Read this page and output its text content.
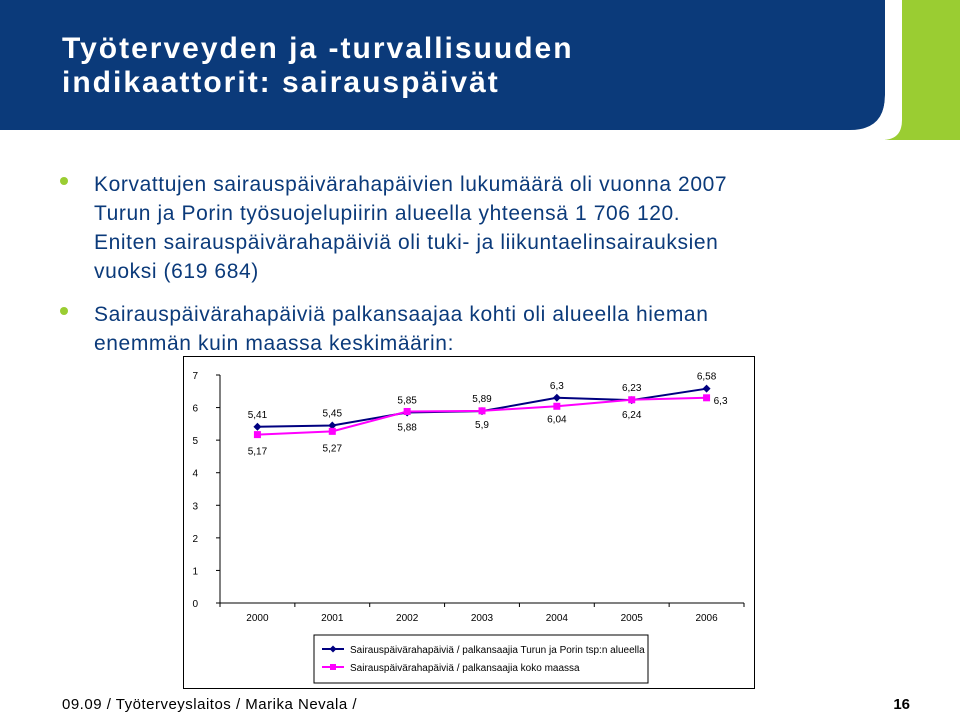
Työterveyden ja -turvallisuuden
indikaattorit: sairauspäivät
Korvattujen sairauspäivärahapäivien lukumäärä oli vuonna 2007
Turun ja Porin työsuojelupiirin alueella yhteensä 1 706 120.
Eniten sairauspäivärahapäiviä oli tuki- ja liikuntaelinsairauksien
vuoksi (619 684)
Sairauspäivärahapäiviä palkansaajaa kohti oli alueella hieman
enemmän kuin maassa keskimäärin:
0
1
2
3
4
5
6
7
2000	2001	2002	2003	2004	2005	2006
5,41	5,45
5,85	5,89
6,3	6,23
6,58
5,17	5,27
5,88	5,9
6,04	6,24
6,3
Sairauspäivärahapäiviä / palkansaajia Turun ja Porin tsp:n alueella
Sairauspäivärahapäiviä / palkansaajia koko maassa
09.09 / Työterveyslaitos / Marika Nevala /	16
